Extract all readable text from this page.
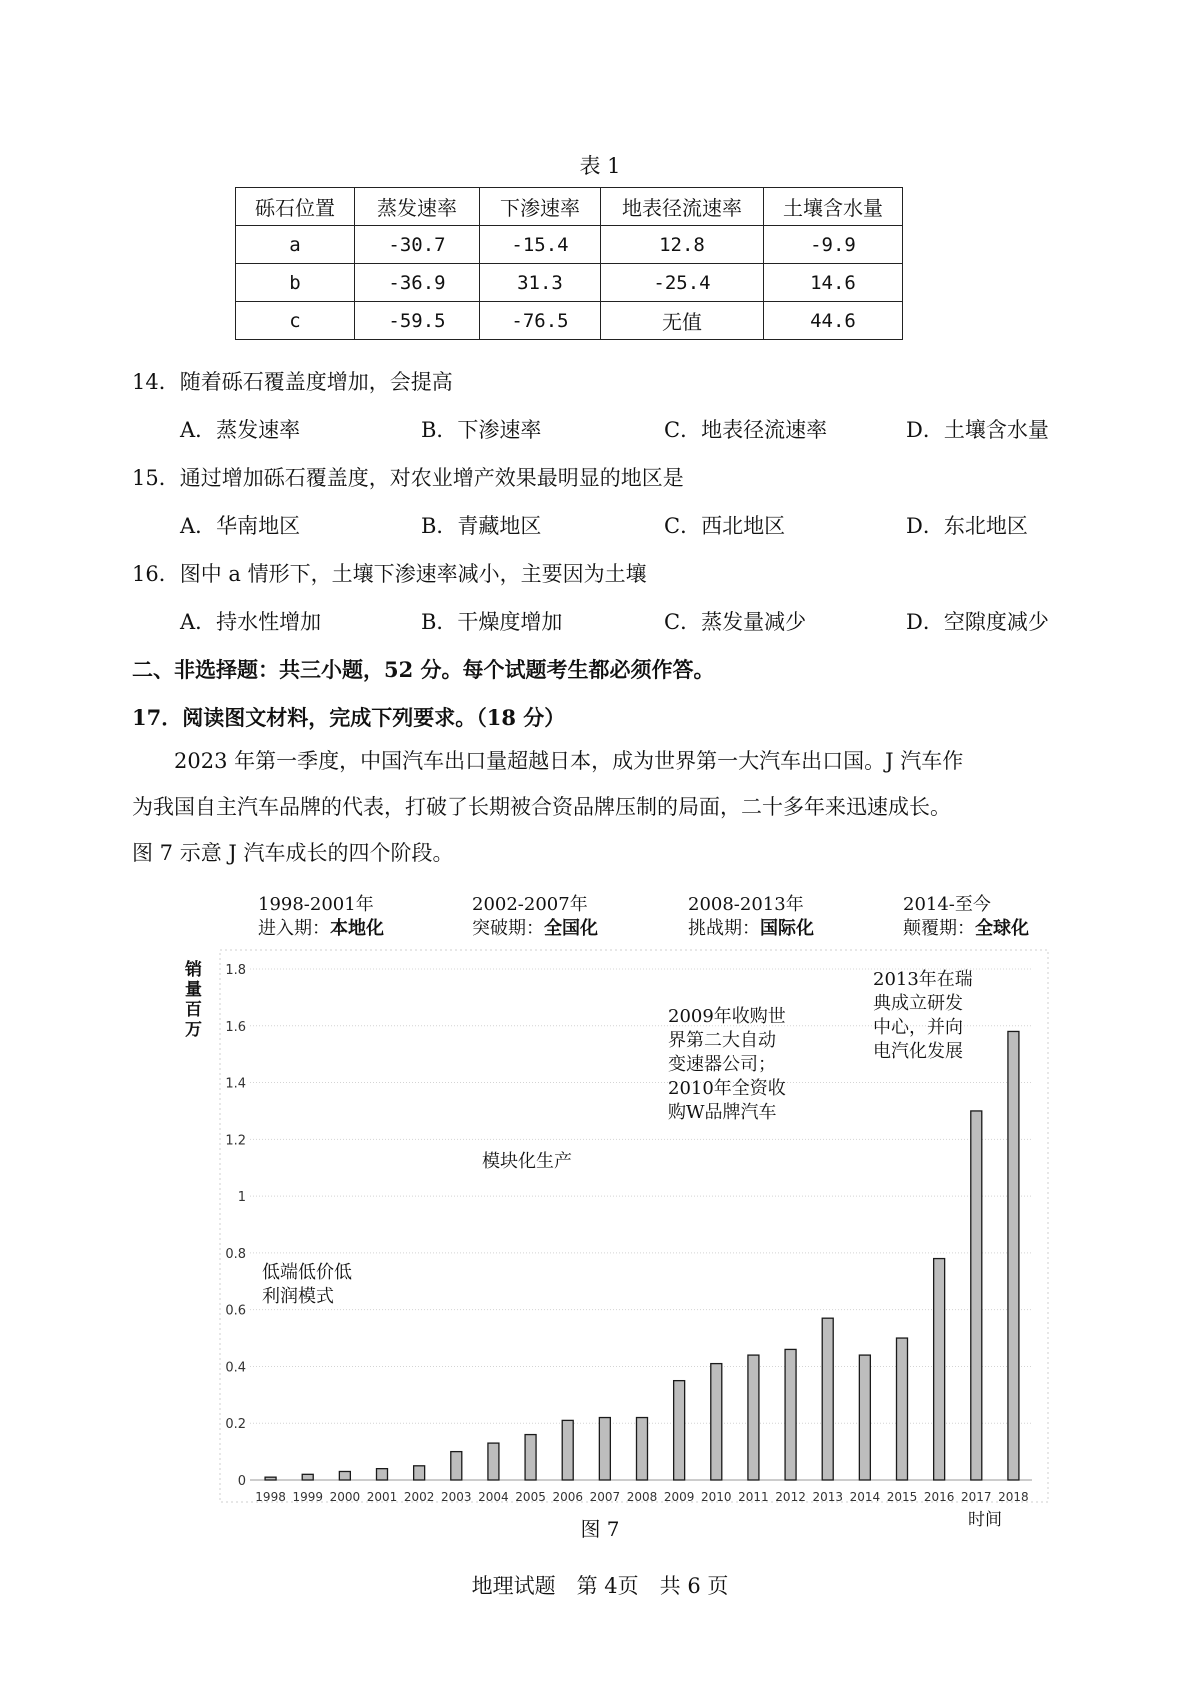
表 1
砾石位置	蒸发速率	下渗速率	地表径流速率	土壤含水量
a	-30.7	-15.4	12.8	-9.9
b	-36.9	31.3	-25.4	14.6
c	-59.5	-76.5	无值	44.6
14．随着砾石覆盖度增加，会提高
A．蒸发速率	B．下渗速率	C．地表径流速率	D．土壤含水量
15．通过增加砾石覆盖度，对农业增产效果最明显的地区是
A．华南地区	B．青藏地区	C．西北地区	D．东北地区
16．图中 a 情形下，土壤下渗速率减小，主要因为土壤
A．持水性增加	B．干燥度增加	C．蒸发量减少	D．空隙度减少
二、非选择题：共三小题，52 分。每个试题考生都必须作答。
17．阅读图文材料，完成下列要求。（18 分）

2023 年第一季度，中国汽车出口量超越日本，成为世界第一大汽车出口国。J 汽车作

为我国自主汽车品牌的代表，打破了长期被合资品牌压制的局面，二十多年来迅速成长。

图 7 示意 J 汽车成长的四个阶段。

1998-2001年
进入期：本地化
2002-2007年
突破期：全国化
2008-2013年
挑战期：国际化
2014-至今
颠覆期：全球化
0
0.2
0.4
0.6
0.8
1
1.2
1.4
1.6
1.8
1998 1999 2000 2001 2002 2003 2004 2005 2006 2007 2008 2009 2010 2011 2012 2013 2014 2015 2016 2017 2018
销量百万
时间
低端低价低
利润模式
模块化生产
2009年收购世
界第二大自动
变速器公司；
2010年全资收
购W品牌汽车
2013年在瑞
典成立研发
中心，并向
电汽化发展
图 7
地理试题　第 4页　共 6 页
